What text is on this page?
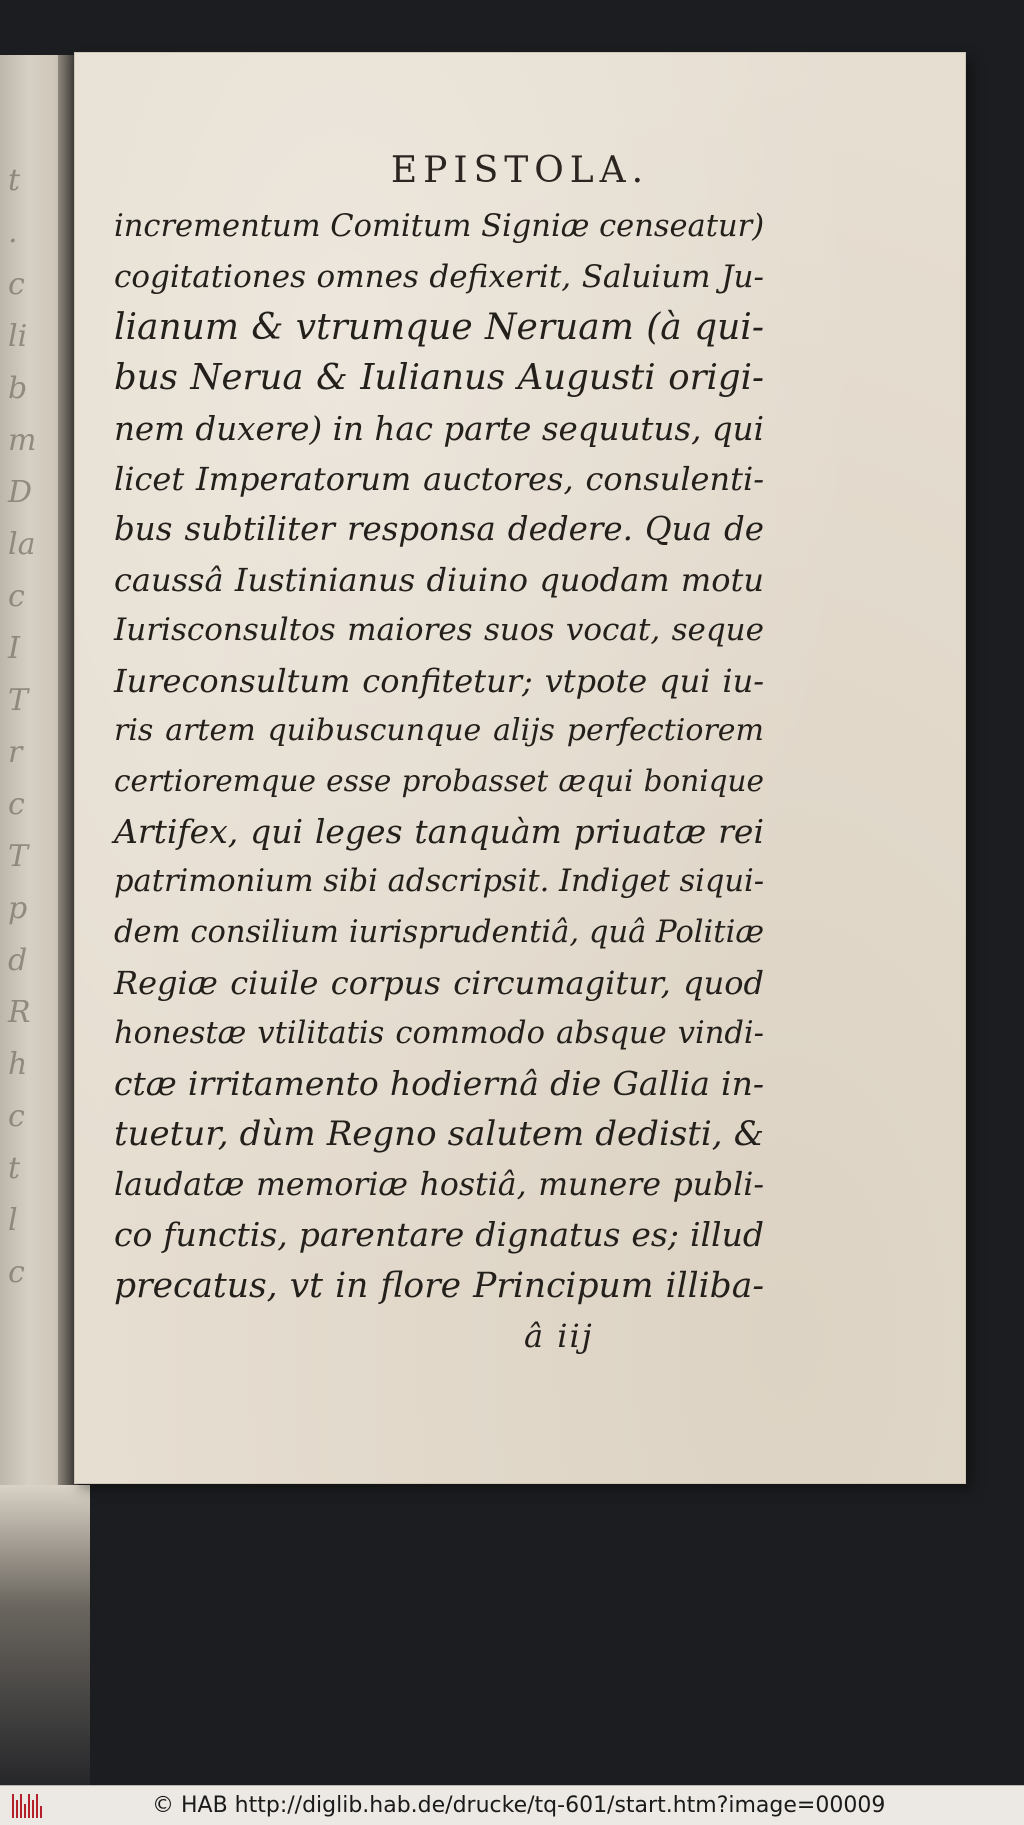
t
.
c
li
b
m
D
la
c
I
T
r
c
T
p
d
R
h
c
t
l
c

EPISTOLA.
incrementum Comitum Signiæ censeatur)
cogitationes omnes defixerit, Saluium Ju-
lianum & vtrumque Neruam (à qui-
bus Nerua & Iulianus Augusti origi-
nem duxere) in hac parte sequutus, qui
licet Imperatorum auctores, consulenti-
bus subtiliter responsa dedere. Qua de
caussâ Iustinianus diuino quodam motu
Iurisconsultos maiores suos vocat, seque
Iureconsultum confitetur; vtpote qui iu-
ris artem quibuscunque alijs perfectiorem
certioremque esse probasset æqui bonique
Artifex, qui leges tanquàm priuatæ rei
patrimonium sibi adscripsit. Indiget siqui-
dem consilium iurisprudentiâ, quâ Politiæ
Regiæ ciuile corpus circumagitur, quod
honestæ vtilitatis commodo absque vindi-
ctæ irritamento hodiernâ die Gallia in-
tuetur, dùm Regno salutem dedisti, &
laudatæ memoriæ hostiâ, munere publi-
co functis, parentare dignatus es; illud
precatus, vt in flore Principum illiba-
â iij
© HAB http://diglib.hab.de/drucke/tq-601/start.htm?image=00009
